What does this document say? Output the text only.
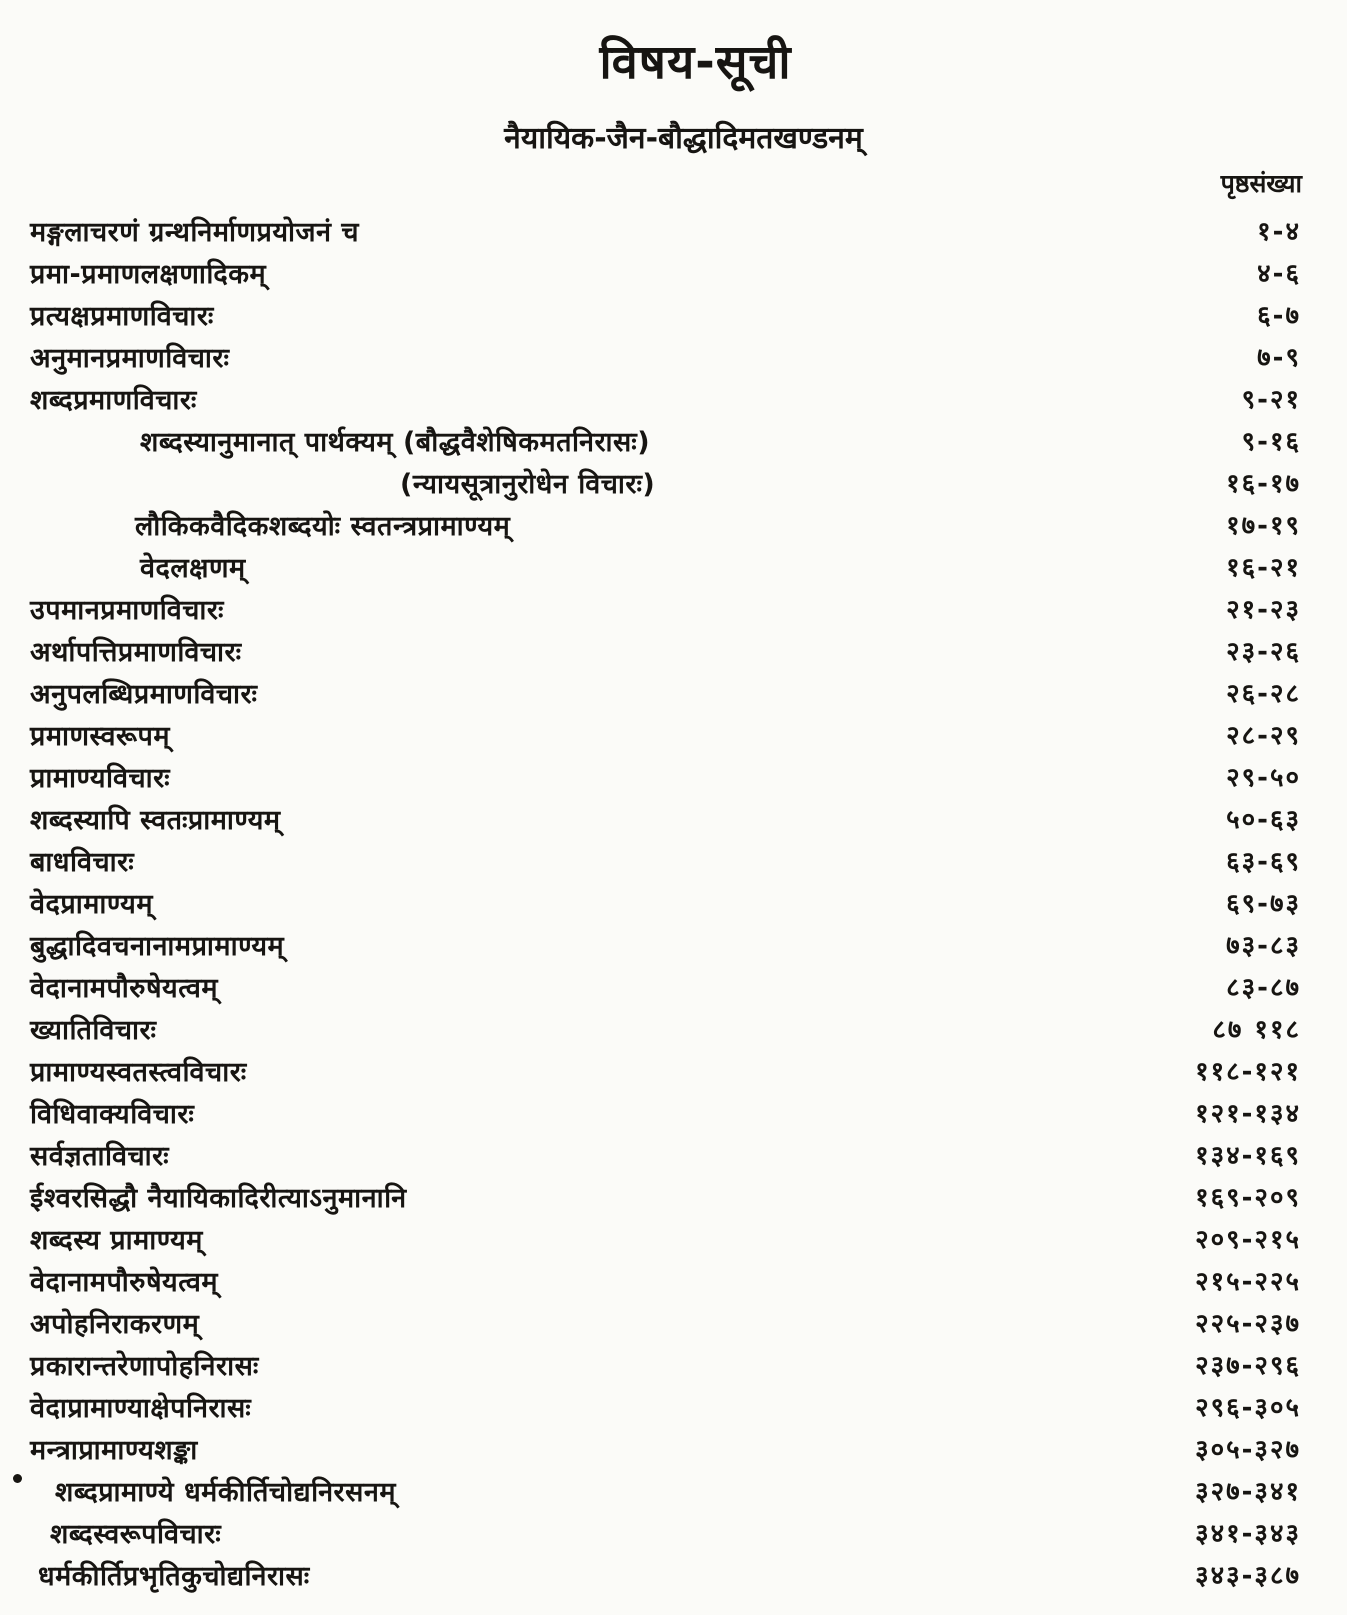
विषय-सूची
नैयायिक-जैन-बौद्धादिमतखण्डनम्
पृष्ठसंख्या
मङ्गलाचरणं ग्रन्थनिर्माणप्रयोजनं च	१-४
प्रमा-प्रमाणलक्षणादिकम्	४-६
प्रत्यक्षप्रमाणविचारः	६-७
अनुमानप्रमाणविचारः	७-९
शब्दप्रमाणविचारः	९-२१
शब्दस्यानुमानात् पार्थक्यम् (बौद्धवैशेषिकमतनिरासः)	९-१६
(न्यायसूत्रानुरोधेन विचारः)	१६-१७
लौकिकवैदिकशब्दयोः स्वतन्त्रप्रामाण्यम्	१७-१९
वेदलक्षणम्	१६-२१
उपमानप्रमाणविचारः	२१-२३
अर्थापत्तिप्रमाणविचारः	२३-२६
अनुपलब्धिप्रमाणविचारः	२६-२८
प्रमाणस्वरूपम्	२८-२९
प्रामाण्यविचारः	२९-५०
शब्दस्यापि स्वतःप्रामाण्यम्	५०-६३
बाधविचारः	६३-६९
वेदप्रामाण्यम्	६९-७३
बुद्धादिवचनानामप्रामाण्यम्	७३-८३
वेदानामपौरुषेयत्वम्	८३-८७
ख्यातिविचारः	८७ ११८
प्रामाण्यस्वतस्त्वविचारः	११८-१२१
विधिवाक्यविचारः	१२१-१३४
सर्वज्ञताविचारः	१३४-१६९
ईश्वरसिद्धौ नैयायिकादिरीत्याऽनुमानानि	१६९-२०९
शब्दस्य प्रामाण्यम्	२०९-२१५
वेदानामपौरुषेयत्वम्	२१५-२२५
अपोहनिराकरणम्	२२५-२३७
प्रकारान्तरेणापोहनिरासः	२३७-२९६
वेदाप्रामाण्याक्षेपनिरासः	२९६-३०५
मन्त्राप्रामाण्यशङ्का	३०५-३२७
शब्दप्रामाण्ये धर्मकीर्तिचोद्यनिरसनम्	३२७-३४१
शब्दस्वरूपविचारः	३४१-३४३
धर्मकीर्तिप्रभृतिकुचोद्यनिरासः	३४३-३८७
